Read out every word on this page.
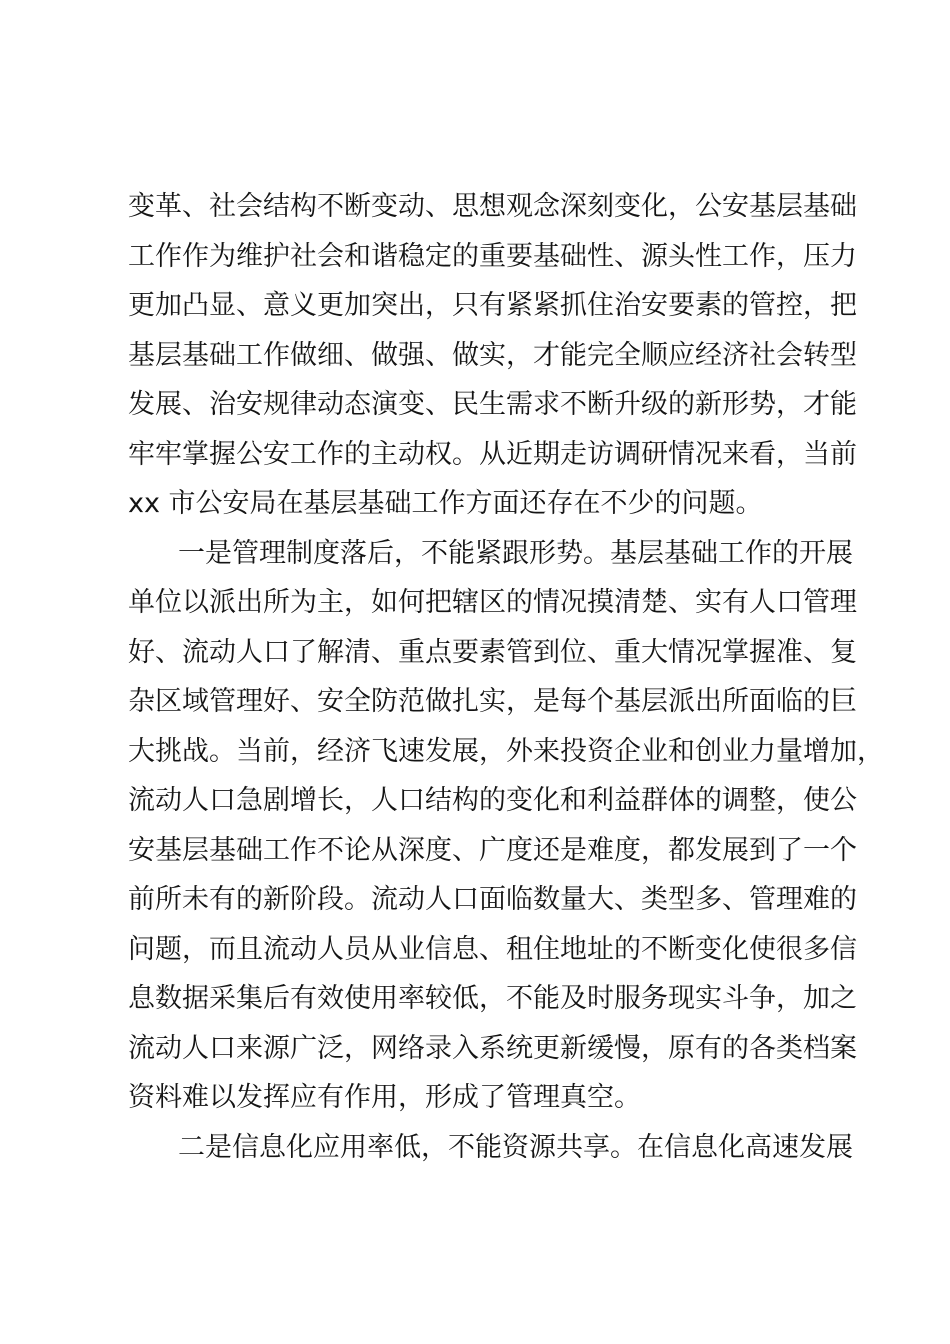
变革、社会结构不断变动、思想观念深刻变化，公安基层基础
工作作为维护社会和谐稳定的重要基础性、源头性工作，压力
更加凸显、意义更加突出，只有紧紧抓住治安要素的管控，把
基层基础工作做细、做强、做实，才能完全顺应经济社会转型
发展、治安规律动态演变、民生需求不断升级的新形势，才能
牢牢掌握公安工作的主动权。从近期走访调研情况来看，当前
xx 市公安局在基层基础工作方面还存在不少的问题。
一是管理制度落后，不能紧跟形势。基层基础工作的开展
单位以派出所为主，如何把辖区的情况摸清楚、实有人口管理
好、流动人口了解清、重点要素管到位、重大情况掌握准、复
杂区域管理好、安全防范做扎实，是每个基层派出所面临的巨
大挑战。当前，经济飞速发展，外来投资企业和创业力量增加，
流动人口急剧增长，人口结构的变化和利益群体的调整，使公
安基层基础工作不论从深度、广度还是难度，都发展到了一个
前所未有的新阶段。流动人口面临数量大、类型多、管理难的
问题，而且流动人员从业信息、租住地址的不断变化使很多信
息数据采集后有效使用率较低，不能及时服务现实斗争，加之
流动人口来源广泛，网络录入系统更新缓慢，原有的各类档案
资料难以发挥应有作用，形成了管理真空。
二是信息化应用率低，不能资源共享。在信息化高速发展
